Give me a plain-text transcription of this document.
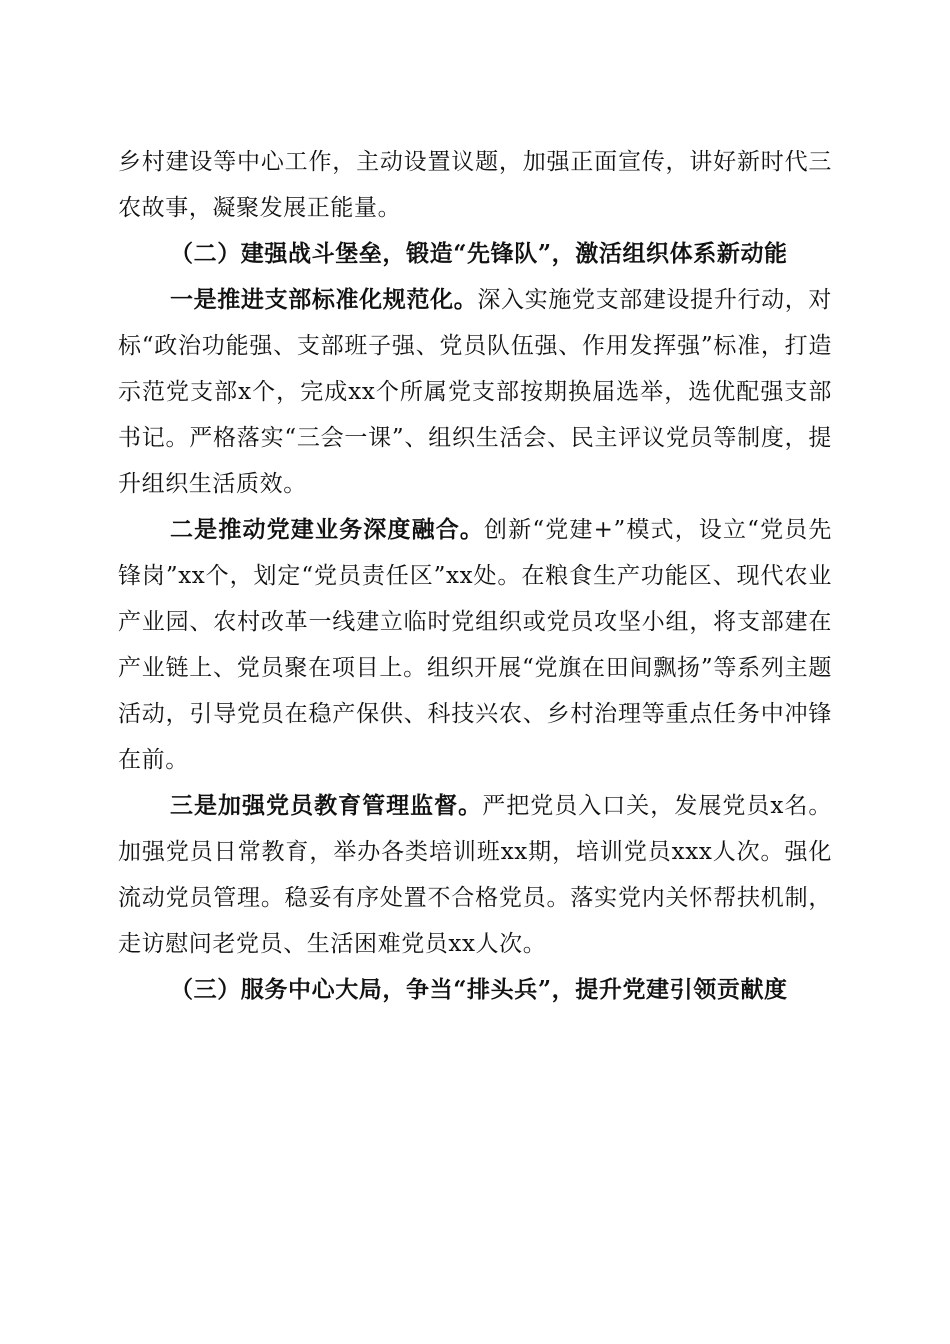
乡村建设等中心工作，主动设置议题，加强正面宣传，讲好新时代三农故事，凝聚发展正能量。

（二）建强战斗堡垒，锻造“先锋队”，激活组织体系新动能

一是推进支部标准化规范化。深入实施党支部建设提升行动，对标“政治功能强、支部班子强、党员队伍强、作用发挥强”标准，打造示范党支部x个，完成xx个所属党支部按期换届选举，选优配强支部书记。严格落实“三会一课”、组织生活会、民主评议党员等制度，提升组织生活质效。

二是推动党建业务深度融合。创新“党建+”模式，设立“党员先锋岗”xx个，划定“党员责任区”xx处。在粮食生产功能区、现代农业产业园、农村改革一线建立临时党组织或党员攻坚小组，将支部建在产业链上、党员聚在项目上。组织开展“党旗在田间飘扬”等系列主题活动，引导党员在稳产保供、科技兴农、乡村治理等重点任务中冲锋在前。

三是加强党员教育管理监督。严把党员入口关，发展党员x名。加强党员日常教育，举办各类培训班xx期，培训党员xxx人次。强化流动党员管理。稳妥有序处置不合格党员。落实党内关怀帮扶机制，走访慰问老党员、生活困难党员xx人次。

（三）服务中心大局，争当“排头兵”，提升党建引领贡献度
